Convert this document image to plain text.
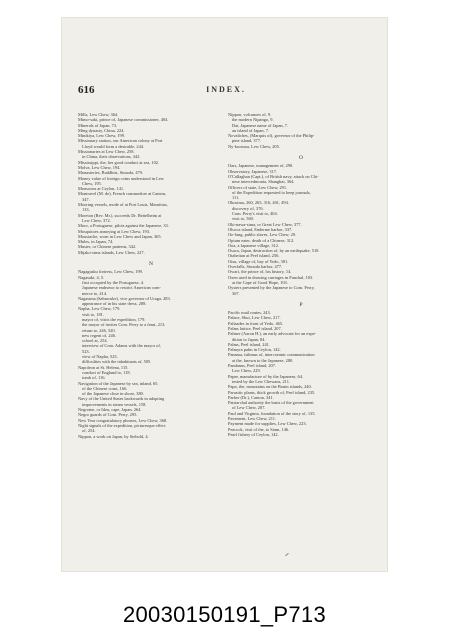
616	INDEX.
Mills, Lew Chew, 364.
Mimo-saki, prince of, Japanese commissioner, 404.
Minerals of Japan, 73.
Ming dynasty, China, 224.
Minikiya, Lew Chew, 199.
Missionary station, our American colony at Port
Lloyd would form a desirable, 244.
Missionaries at Lew Chew, 258.
in China, their observations, 342.
Mississippi, the, her good conduct at sea, 102.
Molva, Lew Chew, 194.
Monasteries, Buddhist, Simoda, 479.
Money value of foreign coins understood in Lew
Chew, 195.
Monsoons at Ceylon, 141.
Montravel (M. de), French commodore at Canton,
347.
Mooring vessels, mode of at Port Louis, Mauritius,
133.
Moreton (Rev. Mr.), succeeds Dr. Bettelheim at
Lew Chew, 372.
Moro, a Portuguese, pilots against the Japanese, 33.
Mosquitoes annoying at Lew Chew, 193.
Moustache, worn in Lew Chew and Japan, 365.
Mules, in Japan, 74.
Muster, or Chinese patterns, 342.
Mijako-sima islands, Lew Chew, 227.
N
Nagagusku fortress, Lew Chew, 199.
Nagasaki, 4, 5.
first occupied by the Portuguese, 4.
Japanese endeavor to restrict American com-
merce to, 414.
Nagasima (Saburoske), vice governor of Uraga, 283.
appearance of in his state dress, 288.
Napha, Lew Chew, 179.
visit to, 181.
mayor of, visits the expedition, 179.
the mayor of invites Com. Perry to a feast, 213.
return to, 246, 520.
new regent of, 246.
school at, 254.
interview of Com. Adams with the mayor of,
523.
view of Napha, 523.
difficulties with the inhabitants of, 505.
Napoleon at St. Helena, 115.
conduct of England to, 118.
tomb of, 116.
Navigation of the Japanese by sea, inland, 65.
of the Chinese coast, 166.
of the Japanese close in shore, 380.
Navy of the United States backwards in adopting
improvements in steam vessels, 158.
Negroine, or Idzu, cape, Japan, 264.
Negro guards of Com. Perry, 295.
New Year congratulatory phrases, Lew Chew, 368.
Night signals of the expedition, picturesque effect
of, 254.
Nippon, a work on Japan, by Siebold, 4.
Nippon, volcanoes of, 9.
the modern Nipango, 9.
Dai, Japanese name of Japan, 7.
an island of Japan, 7.
Novaliches, (Marquis of), governor of the Philip-
pine island, 377.
Ny-koomoa, Lew Chew, 205.
O
Oars, Japanese, management of, 290.
Observatory, Japanese, 317.
O'Callaghan (Capt.), of British navy, attack on Chi-
nese intercedmonia, Shanghai, 364.
Officers of state, Lew Chew, 291.
of the Expedition requested to keep journals,
111.
Ohosima, 260, 265, 316, 401, 494.
discovery of, 376.
Com. Perry's visit to, 404.
visit to, 560.
Oki-nawa-sima, or Great Lew Chew, 377.
Olucca island, Enderme harbor, 337.
Oo-lang, public slaves, Lew Chew, 29.
Opium eater, death of a Chinese, 312.
Ooa, a Japanese village, 312.
Osaca, Japan, destruction of, by an earthquake, 510.
Otaheitan at Peel island, 256.
Otsu, village of, bay of Yedo, 381.
Overfalls, Simoda harbor, 477.
Owari, the prince of, his history, 14.
Oxen used in drawing carriages in Funchal, 103.
at the Cape of Good Hope, 103.
Oysters presented by the Japanese to Com. Perry,
367.
P
Pacific mail routes, 243.
Palace, Shui, Lew Chew, 217.
Palisades in front of Yedo, 465.
Palms lattice, Peel island, 207.
Palmer (Aaron H.), an early advocate for an expe-
dition to Japan, 84.
Palms, Peel island, 241.
Palmyra palm in Ceylon, 142.
Panama, isthmus of, intercoeanic communication
at the, known to the Japanese, 280.
Pandanus, Peel island, 207.
Lew Chew, 229.
Paper, manufacture of by the Japanese, 64.
tested by the Lew Chewans, 211.
Papo, the, mountains on the Bonin islands, 240.
Parasitic plants, thick growth of, Peel island, 235.
Parker (Dr.), Canton, 341.
Patriarchal authority the basis of the government
of Lew Chew, 207.
Paul and Virginia, foundation of the story of, 135.
Pavement, Lew Chew, 211.
Payment made for supplies, Lew Chew, 223.
Peacock, visit of the, to Siam, 146.
Pearl fishery of Ceylon, 142.
20030150191_P713
